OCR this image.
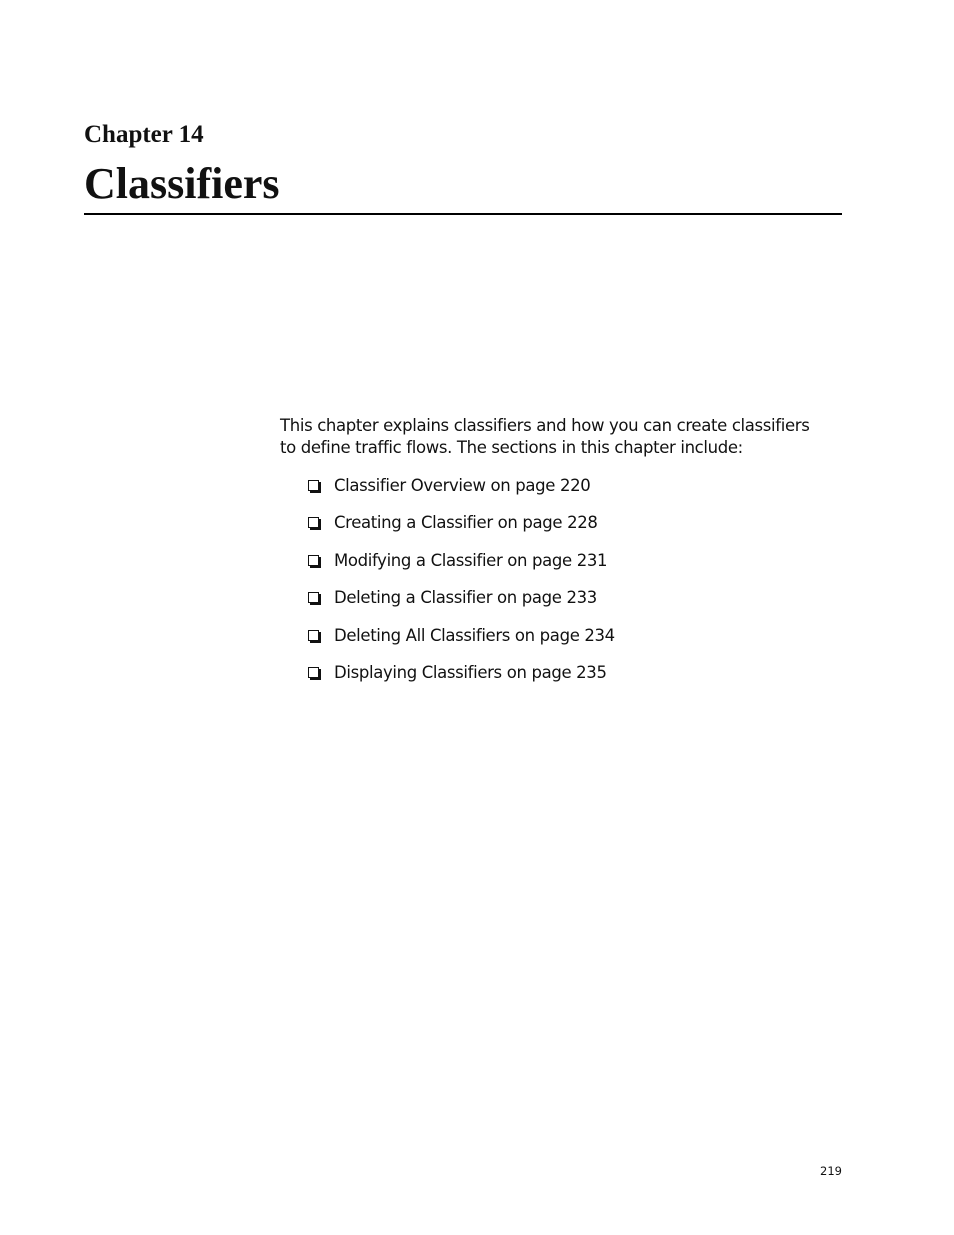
Chapter 14
Classifiers

This chapter explains classifiers and how you can create classifiers to define traffic flows. The sections in this chapter include:

Classifier Overview on page 220
Creating a Classifier on page 228
Modifying a Classifier on page 231
Deleting a Classifier on page 233
Deleting All Classifiers on page 234
Displaying Classifiers on page 235
219
